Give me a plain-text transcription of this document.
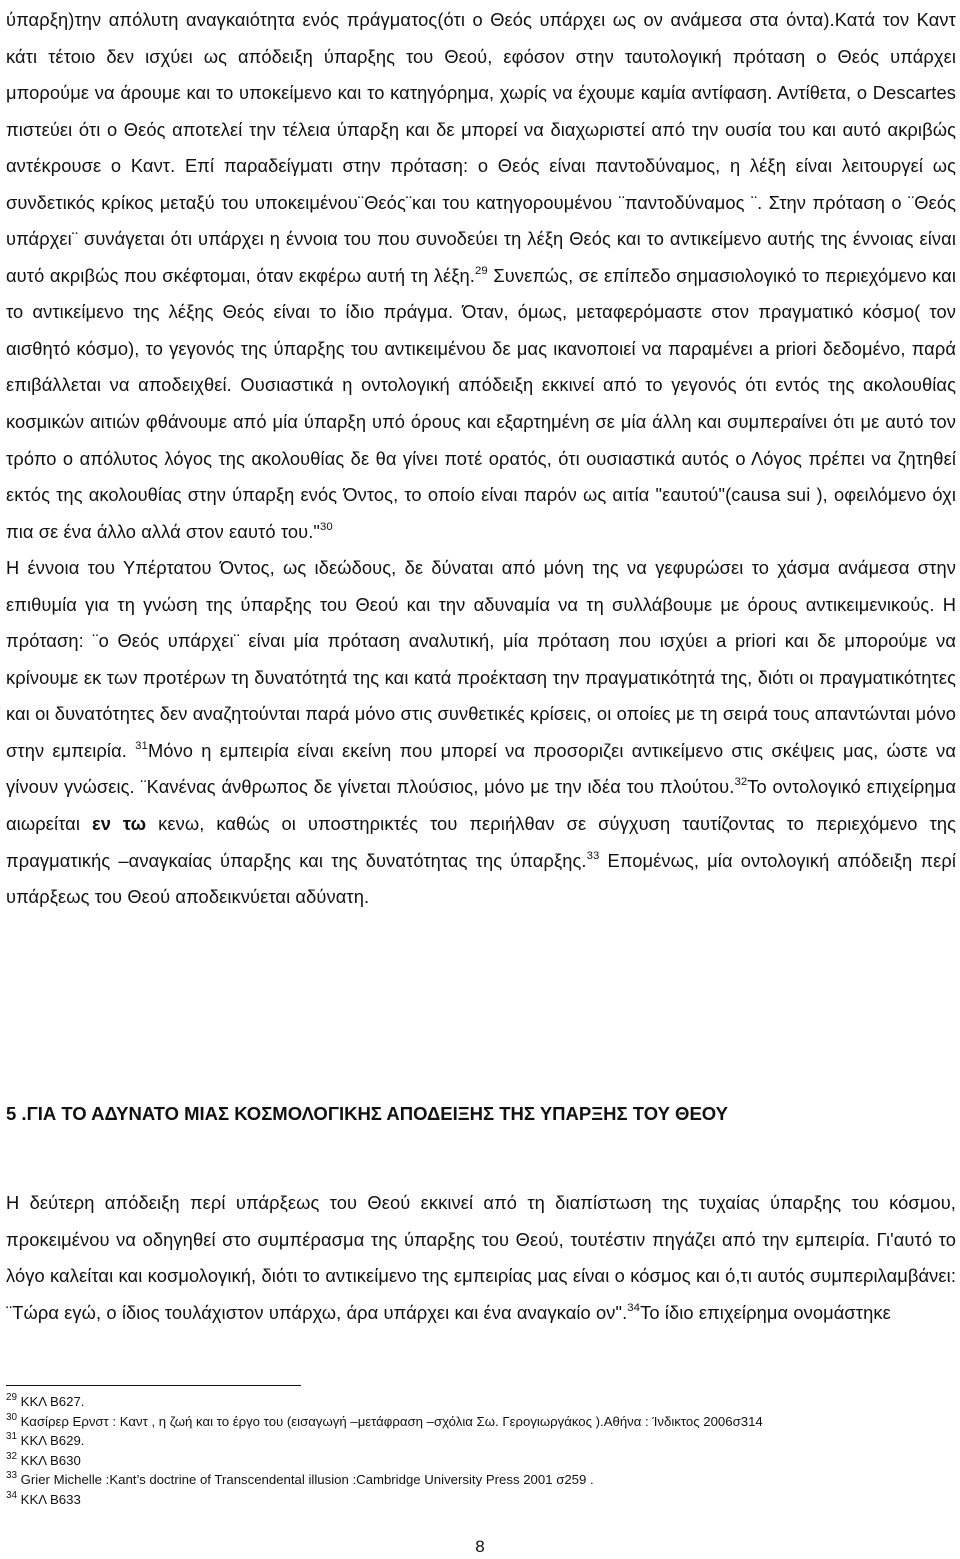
ύπαρξη)την απόλυτη αναγκαιότητα ενός πράγματος(ότι ο Θεός υπάρχει ως ον ανάμεσα στα όντα).Κατά τον Καντ κάτι τέτοιο δεν ισχύει ως απόδειξη ύπαρξης του Θεού, εφόσον στην ταυτολογική πρόταση ο Θεός υπάρχει μπορούμε να άρουμε και το υποκείμενο και το κατηγόρημα, χωρίς να έχουμε καμία αντίφαση. Αντίθετα, ο Descartes πιστεύει ότι ο Θεός αποτελεί την τέλεια ύπαρξη και δε μπορεί να διαχωριστεί από την ουσία του και αυτό ακριβώς αντέκρουσε ο Καντ. Επί παραδείγματι στην πρόταση: ο Θεός είναι παντοδύναμος, η λέξη είναι λειτουργεί ως συνδετικός κρίκος μεταξύ του υποκειμένου¨Θεός¨και του κατηγορουμένου ¨παντοδύναμος ¨. Στην πρόταση ο ¨Θεός υπάρχει¨ συνάγεται ότι υπάρχει η έννοια του που συνοδεύει τη λέξη Θεός και το αντικείμενο αυτής της έννοιας είναι αυτό ακριβώς που σκέφτομαι, όταν εκφέρω αυτή τη λέξη.$^{29}$ Συνεπώς, σε επίπεδο σημασιολογικό το περιεχόμενο και το αντικείμενο της λέξης Θεός είναι το ίδιο πράγμα. Όταν, όμως, μεταφερόμαστε στον πραγματικό κόσμο( τον αισθητό κόσμο), το γεγονός της ύπαρξης του αντικειμένου δε μας ικανοποιεί να παραμένει a priori δεδομένο, παρά επιβάλλεται να αποδειχθεί. Ουσιαστικά η οντολογική απόδειξη εκκινεί από το γεγονός ότι εντός της ακολουθίας κοσμικών αιτιών φθάνουμε από μία ύπαρξη υπό όρους και εξαρτημένη σε μία άλλη και συμπεραίνει ότι με αυτό τον τρόπο ο απόλυτος λόγος της ακολουθίας δε θα γίνει ποτέ ορατός, ότι ουσιαστικά αυτός ο Λόγος πρέπει να ζητηθεί εκτός της ακολουθίας στην ύπαρξη ενός Όντος, το οποίο είναι παρόν ως αιτία "εαυτού"(causa sui ), οφειλόμενο όχι πια σε ένα άλλο αλλά στον εαυτό του."$^{30}$

Η έννοια του Υπέρτατου Όντος, ως ιδεώδους, δε δύναται από μόνη της να γεφυρώσει το χάσμα ανάμεσα στην επιθυμία για τη γνώση της ύπαρξης του Θεού και την αδυναμία να τη συλλάβουμε με όρους αντικειμενικούς. Η πρόταση: ¨ο Θεός υπάρχει¨ είναι μία πρόταση αναλυτική, μία πρόταση που ισχύει a priori και δε μπορούμε να κρίνουμε εκ των προτέρων τη δυνατότητά της και κατά προέκταση την πραγματικότητά της, διότι οι πραγματικότητες και οι δυνατότητες δεν αναζητούνται παρά μόνο στις συνθετικές κρίσεις, οι οποίες με τη σειρά τους απαντώνται μόνο στην εμπειρία. $^{31}$Μόνο η εμπειρία είναι εκείνη που μπορεί να προσοριζει αντικείμενο στις σκέψεις μας, ώστε να γίνουν γνώσεις. ¨Κανένας άνθρωπος δε γίνεται πλούσιος, μόνο με την ιδέα του πλούτου.$^{32}$Το οντολογικό επιχείρημα αιωρείται εν τω κενω, καθώς οι υποστηρικτές του περιήλθαν σε σύγχυση ταυτίζοντας το περιεχόμενο της πραγματικής –αναγκαίας ύπαρξης και της δυνατότητας της ύπαρξης.$^{33}$ Επομένως, μία οντολογική απόδειξη περί υπάρξεως του Θεού αποδεικνύεται αδύνατη.

5 .ΓΙΑ ΤΟ ΑΔΥΝΑΤΟ ΜΙΑΣ ΚΟΣΜΟΛΟΓΙΚΗΣ ΑΠΟΔΕΙΞΗΣ ΤΗΣ ΥΠΑΡΞΗΣ ΤΟΥ ΘΕΟΥ

Η δεύτερη απόδειξη περί υπάρξεως του Θεού εκκινεί από τη διαπίστωση της τυχαίας ύπαρξης του κόσμου, προκειμένου να οδηγηθεί στο συμπέρασμα της ύπαρξης του Θεού, τουτέστιν πηγάζει από την εμπειρία. Γι'αυτό το λόγο καλείται και κοσμολογική, διότι το αντικείμενο της εμπειρίας μας είναι ο κόσμος και ό,τι αυτός συμπεριλαμβάνει: ¨Τώρα εγώ, ο ίδιος τουλάχιστον υπάρχω, άρα υπάρχει και ένα αναγκαίο ον".$^{34}$Το ίδιο επιχείρημα ονομάστηκε

$^{29}$ ΚΚΛ Β627.

$^{30}$ Κασίρερ Ερνστ : Καντ , η ζωή και το έργο του (εισαγωγή –μετάφραση –σχόλια Σω. Γερογιωργάκος ).Αθήνα : Ίνδικτος 2006σ314

$^{31}$ ΚΚΛ Β629.

$^{32}$ ΚΚΛ Β630

$^{33}$ Grier Michelle :Kant’s doctrine of Transcendental illusion :Cambridge University Press 2001 σ259 .

$^{34}$ ΚΚΛ Β633

8
